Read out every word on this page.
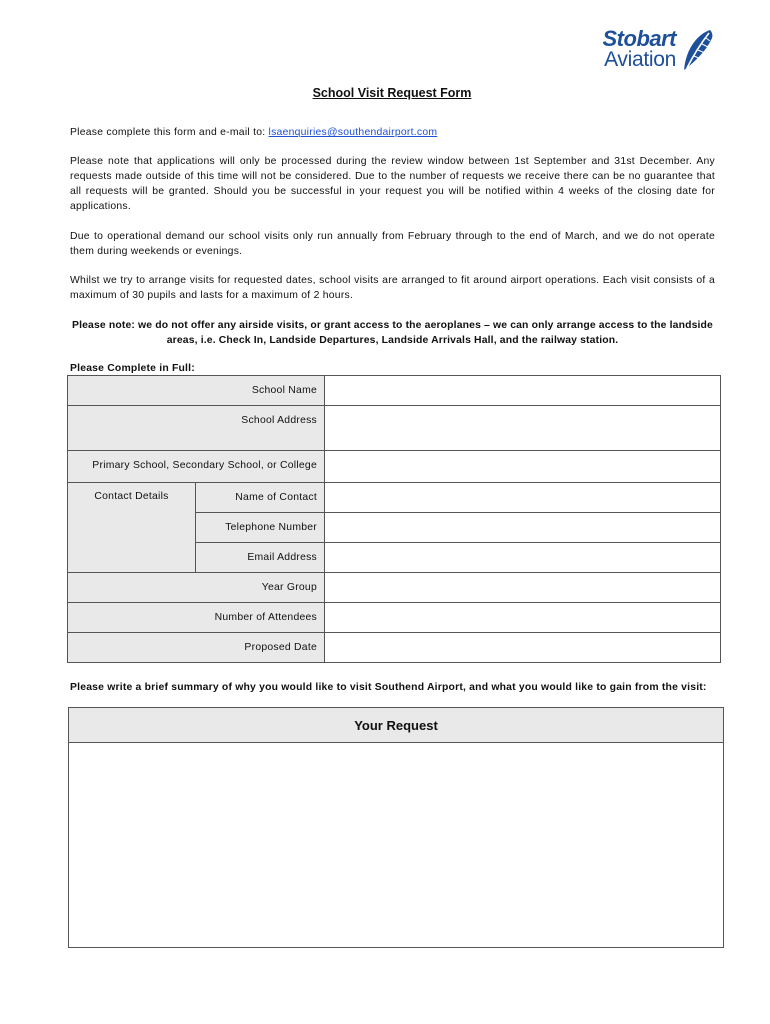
Stobart
Aviation
School Visit Request Form
Please complete this form and e-mail to: lsaenquiries@southendairport.com
Please note that applications will only be processed during the review window between 1st September and 31st December. Any requests made outside of this time will not be considered. Due to the number of requests we receive there can be no guarantee that all requests will be granted. Should you be successful in your request you will be notified within 4 weeks of the closing date for applications.
Due to operational demand our school visits only run annually from February through to the end of March, and we do not operate them during weekends or evenings.
Whilst we try to arrange visits for requested dates, school visits are arranged to fit around airport operations. Each visit consists of a maximum of 30 pupils and lasts for a maximum of 2 hours.
Please note: we do not offer any airside visits, or grant access to the aeroplanes – we can only arrange access to the landside areas, i.e. Check In, Landside Departures, Landside Arrivals Hall, and the railway station.
Please Complete in Full:
School Name		
School Address		
Primary School, Secondary School, or College		
Contact Details	Name of Contact	
	Telephone Number	
	Email Address	
Year Group		
Number of Attendees		
Proposed Date		
Please write a brief summary of why you would like to visit Southend Airport, and what you would like to gain from the visit:
Your Request
